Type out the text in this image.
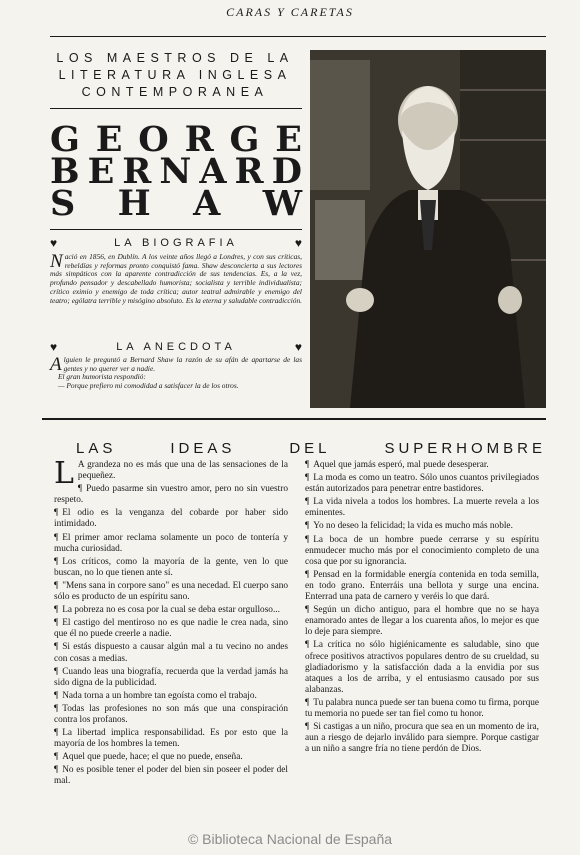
CARAS Y CARETAS
LOS MAESTROS DE LA
LITERATURA INGLESA
CONTEMPORANEA
G E O R G E
B E R N A R D
S H A W
♥	LA BIOGRAFIA	♥

Nació en 1856, en Dublín. A los veinte años llegó a Londres, y con sus críticas, rebeldías y reformas pronto conquistó fama. Shaw desconcierta a sus lectores más simpáticos con la aparente contradicción de sus tendencias. Es, a la vez, profundo pensador y descabellado humorista; socialista y terrible individualista; crítico eximio y enemigo de toda crítica; autor teatral admirable y enemigo del teatro; ególatra terrible y misógino absoluto. Es la eterna y saludable contradicción.

♥	LA ANECDOTA	♥

Alguien le preguntó a Bernard Shaw la razón de su afán de apartarse de las gentes y no querer ver a nadie.

El gran humorista respondió:

— Porque prefiero mi comodidad a satisfacer la de los otros.

LAS	IDEAS	DEL	SUPERHOMBRE

L A grandeza no es más que una de las sensaciones de la pequeñez.

¶ Puedo pasarme sin vuestro amor, pero no sin vuestro respeto.

¶ El odio es la venganza del cobarde por haber sido intimidado.

¶ El primer amor reclama solamente un poco de tontería y mucha curiosidad.

¶ Los críticos, como la mayoría de la gente, ven lo que buscan, no lo que tienen ante sí.

¶ "Mens sana in corpore sano" es una necedad. El cuerpo sano sólo es producto de un espíritu sano.

¶ La pobreza no es cosa por la cual se deba estar orgulloso...

¶ El castigo del mentiroso no es que nadie le crea nada, sino que él no puede creerle a nadie.

¶ Si estás dispuesto a causar algún mal a tu vecino no andes con cosas a medias.

¶ Cuando leas una biografía, recuerda que la verdad jamás ha sido digna de la publicidad.

¶ Nada torna a un hombre tan egoísta como el trabajo.

¶ Todas las profesiones no son más que una conspiración contra los profanos.

¶ La libertad implica responsabilidad. Es por esto que la mayoría de los hombres la temen.

¶ Aquel que puede, hace; el que no puede, enseña.

¶ No es posible tener el poder del bien sin poseer el poder del mal.

¶ Aquel que jamás esperó, mal puede desesperar.

¶ La moda es como un teatro. Sólo unos cuantos privilegiados están autorizados para penetrar entre bastidores.

¶ La vida nivela a todos los hombres. La muerte revela a los eminentes.

¶ Yo no deseo la felicidad; la vida es mucho más noble.

¶ La boca de un hombre puede cerrarse y su espíritu enmudecer mucho más por el conocimiento completo de una cosa que por su ignorancia.

¶ Pensad en la formidable energía contenida en toda semilla, en todo grano. Enterráis una bellota y surge una encina. Enterrad una pata de carnero y veréis lo que dará.

¶ Según un dicho antiguo, para el hombre que no se haya enamorado antes de llegar a los cuarenta años, lo mejor es que lo deje para siempre.

¶ La crítica no sólo higiénicamente es saludable, sino que ofrece positivos atractivos populares dentro de su crueldad, su gladiadorismo y la satisfacción dada a la envidia por sus ataques a los de arriba, y el entusiasmo causado por sus alabanzas.

¶ Tu palabra nunca puede ser tan buena como tu firma, porque tu memoria no puede ser tan fiel como tu honor.

¶ Si castigas a un niño, procura que sea en un momento de ira, aun a riesgo de dejarlo inválido para siempre. Porque castigar a un niño a sangre fría no tiene perdón de Dios.

© Biblioteca Nacional de España
